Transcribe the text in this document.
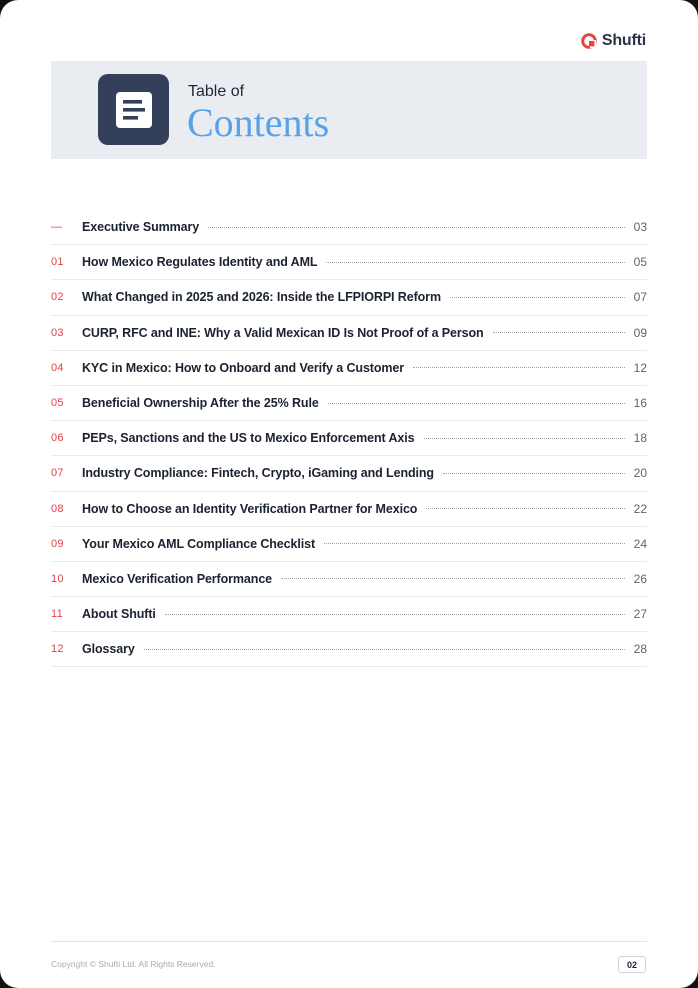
Shufti
Table of
Contents
—	Executive Summary	03
01	How Mexico Regulates Identity and AML	05
02	What Changed in 2025 and 2026: Inside the LFPIORPI Reform	07
03	CURP, RFC and INE: Why a Valid Mexican ID Is Not Proof of a Person	09
04	KYC in Mexico: How to Onboard and Verify a Customer	12
05	Beneficial Ownership After the 25% Rule	16
06	PEPs, Sanctions and the US to Mexico Enforcement Axis	18
07	Industry Compliance: Fintech, Crypto, iGaming and Lending	20
08	How to Choose an Identity Verification Partner for Mexico	22
09	Your Mexico AML Compliance Checklist	24
10	Mexico Verification Performance	26
11	About Shufti	27
12	Glossary	28
Copyright © Shufti Ltd. All Rights Reserved.	02
